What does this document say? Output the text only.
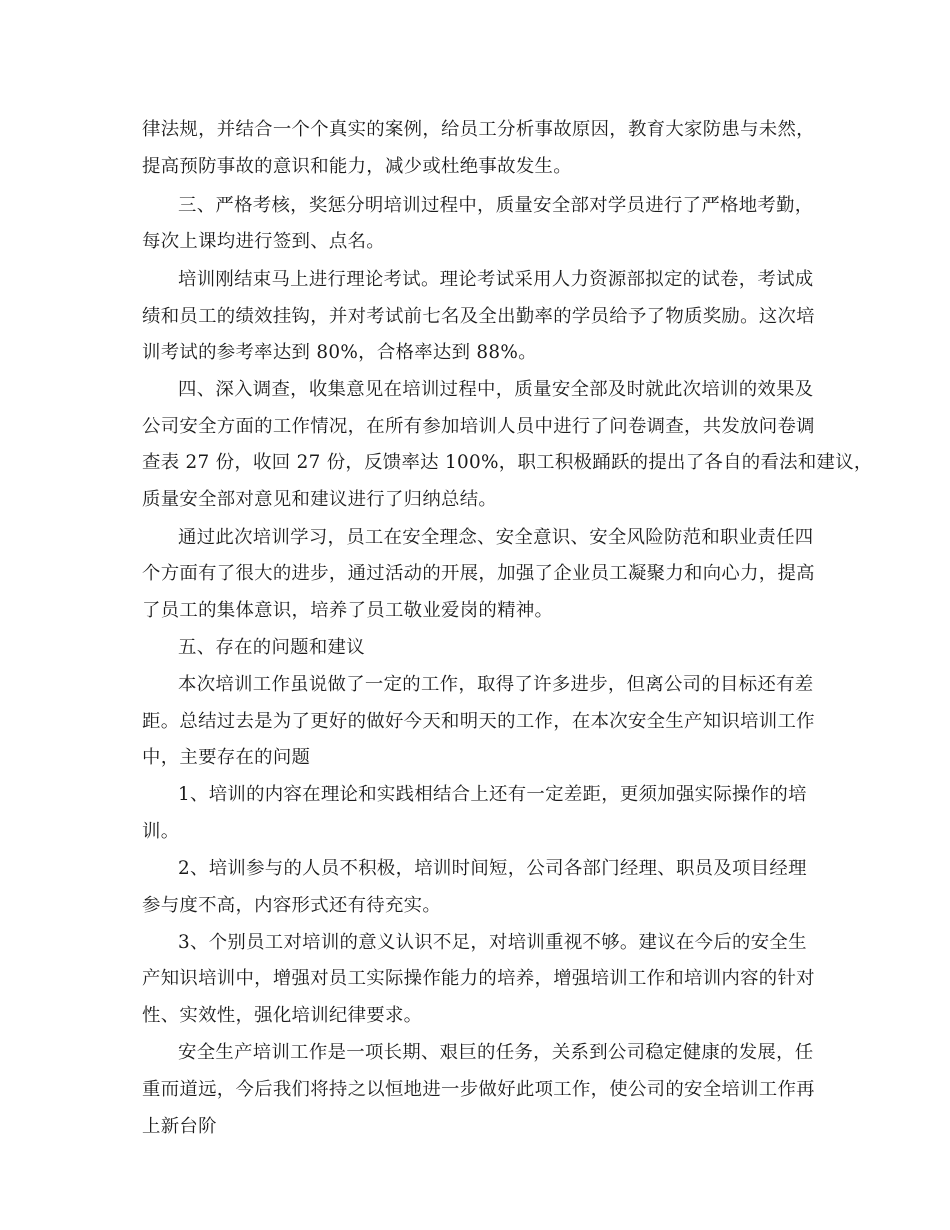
律法规，并结合一个个真实的案例，给员工分析事故原因，教育大家防患与未然，
提高预防事故的意识和能力，减少或杜绝事故发生。
三、严格考核，奖惩分明培训过程中，质量安全部对学员进行了严格地考勤，
每次上课均进行签到、点名。
培训刚结束马上进行理论考试。理论考试采用人力资源部拟定的试卷，考试成
绩和员工的绩效挂钩，并对考试前七名及全出勤率的学员给予了物质奖励。这次培
训考试的参考率达到 80%，合格率达到 88%。
四、深入调查，收集意见在培训过程中，质量安全部及时就此次培训的效果及
公司安全方面的工作情况，在所有参加培训人员中进行了问卷调查，共发放问卷调
查表 27 份，收回 27 份，反馈率达 100%，职工积极踊跃的提出了各自的看法和建议，
质量安全部对意见和建议进行了归纳总结。
通过此次培训学习，员工在安全理念、安全意识、安全风险防范和职业责任四
个方面有了很大的进步，通过活动的开展，加强了企业员工凝聚力和向心力，提高
了员工的集体意识，培养了员工敬业爱岗的精神。
五、存在的问题和建议
本次培训工作虽说做了一定的工作，取得了许多进步，但离公司的目标还有差
距。总结过去是为了更好的做好今天和明天的工作，在本次安全生产知识培训工作
中，主要存在的问题
1、培训的内容在理论和实践相结合上还有一定差距，更须加强实际操作的培
训。
2、培训参与的人员不积极，培训时间短，公司各部门经理、职员及项目经理
参与度不高，内容形式还有待充实。
3、个别员工对培训的意义认识不足，对培训重视不够。建议在今后的安全生
产知识培训中，增强对员工实际操作能力的培养，增强培训工作和培训内容的针对
性、实效性，强化培训纪律要求。
安全生产培训工作是一项长期、艰巨的任务，关系到公司稳定健康的发展，任
重而道远，今后我们将持之以恒地进一步做好此项工作，使公司的安全培训工作再
上新台阶
